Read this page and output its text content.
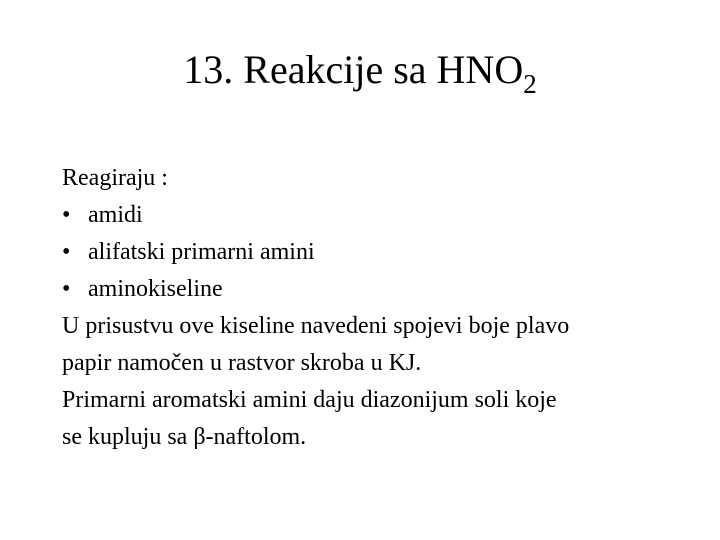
13. Reakcije sa $HNO_2$
Reagiraju :
• amidi
• alifatski primarni amini
• aminokiseline
U prisustvu ove kiseline navedeni spojevi boje plavo
papir namočen u rastvor skroba u KJ.
Primarni aromatski amini daju diazonijum soli koje
se kupluju sa β-naftolom.
